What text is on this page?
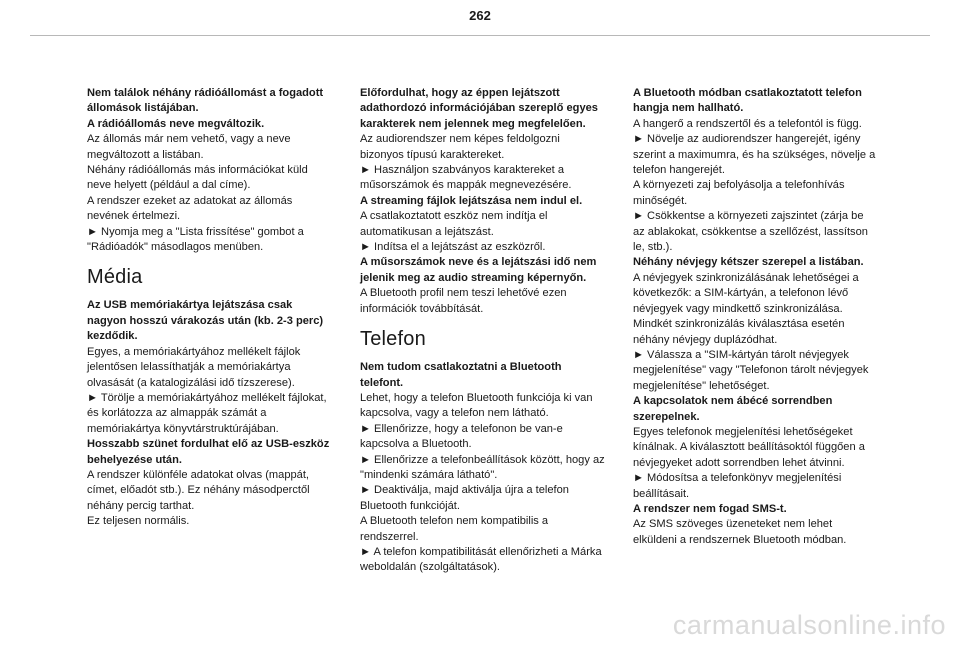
262

Nem találok néhány rádióállomást a fogadott állomások listájában.

A rádióállomás neve megváltozik.

Az állomás már nem vehető, vagy a neve megváltozott a listában.

Néhány rádióállomás más információkat küld neve helyett (például a dal címe).

A rendszer ezeket az adatokat az állomás nevének értelmezi.

► Nyomja meg a "Lista frissítése" gombot a "Rádióadók" másodlagos menüben.

Média

Az USB memóriakártya lejátszása csak nagyon hosszú várakozás után (kb. 2-3 perc) kezdődik.

Egyes, a memóriakártyához mellékelt fájlok jelentősen lelassíthatják a memóriakártya olvasását (a katalogizálási idő tízszerese).

► Törölje a memóriakártyához mellékelt fájlokat, és korlátozza az almappák számát a memóriakártya könyvtárstruktúrájában.

Hosszabb szünet fordulhat elő az USB-eszköz behelyezése után.

A rendszer különféle adatokat olvas (mappát, címet, előadót stb.). Ez néhány másodperctől néhány percig tarthat.

Ez teljesen normális.

Előfordulhat, hogy az éppen lejátszott adathordozó információjában szereplő egyes karakterek nem jelennek meg megfelelően.

Az audiorendszer nem képes feldolgozni bizonyos típusú karaktereket.

► Használjon szabványos karaktereket a műsorszámok és mappák megnevezésére.

A streaming fájlok lejátszása nem indul el.

A csatlakoztatott eszköz nem indítja el automatikusan a lejátszást.

► Indítsa el a lejátszást az eszközről.

A műsorszámok neve és a lejátszási idő nem jelenik meg az audio streaming képernyőn.

A Bluetooth profil nem teszi lehetővé ezen információk továbbítását.

Telefon

Nem tudom csatlakoztatni a Bluetooth telefont.

Lehet, hogy a telefon Bluetooth funkciója ki van kapcsolva, vagy a telefon nem látható.

► Ellenőrizze, hogy a telefonon be van-e kapcsolva a Bluetooth.

► Ellenőrizze a telefonbeállítások között, hogy az "mindenki számára látható".

► Deaktiválja, majd aktiválja újra a telefon Bluetooth funkcióját.

A Bluetooth telefon nem kompatibilis a rendszerrel.

► A telefon kompatibilitását ellenőrizheti a Márka weboldalán (szolgáltatások).

A Bluetooth módban csatlakoztatott telefon hangja nem hallható.

A hangerő a rendszertől és a telefontól is függ.

► Növelje az audiorendszer hangerejét, igény szerint a maximumra, és ha szükséges, növelje a telefon hangerejét.

A környezeti zaj befolyásolja a telefonhívás minőségét.

► Csökkentse a környezeti zajszintet (zárja be az ablakokat, csökkentse a szellőzést, lassítson le, stb.).

Néhány névjegy kétszer szerepel a listában.

A névjegyek szinkronizálásának lehetőségei a következők: a SIM-kártyán, a telefonon lévő névjegyek vagy mindkettő szinkronizálása. Mindkét szinkronizálás kiválasztása esetén néhány névjegy duplázódhat.

► Válassza a "SIM-kártyán tárolt névjegyek megjelenítése" vagy "Telefonon tárolt névjegyek megjelenítése" lehetőséget.

A kapcsolatok nem ábécé sorrendben szerepelnek.

Egyes telefonok megjelenítési lehetőségeket kínálnak. A kiválasztott beállításoktól függően a névjegyeket adott sorrendben lehet átvinni.

► Módosítsa a telefonkönyv megjelenítési beállításait.

A rendszer nem fogad SMS-t.

Az SMS szöveges üzeneteket nem lehet elküldeni a rendszernek Bluetooth módban.

carmanualsonline.info
